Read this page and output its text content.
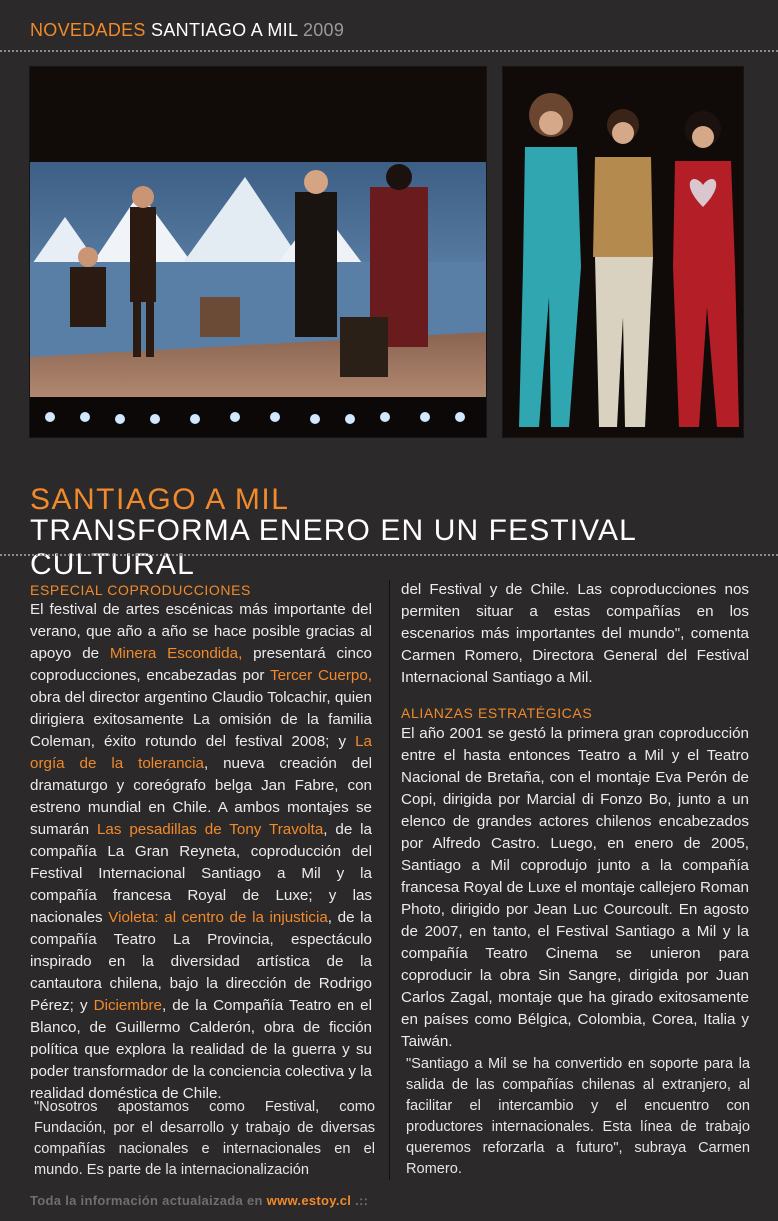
NOVEDADES SANTIAGO A MIL 2009
SANTIAGO A MIL
TRANSFORMA ENERO EN UN FESTIVAL CULTURAL
ESPECIAL COPRODUCCIONES

El festival de artes escénicas más importante del verano, que año a año se hace posible gracias al apoyo de Minera Escondida, presentará cinco coproducciones, encabezadas por Tercer Cuerpo, obra del director argentino Claudio Tolcachir, quien dirigiera exitosamente La omisión de la familia Coleman, éxito rotundo del festival 2008; y La orgía de la tolerancia, nueva creación del dramaturgo y coreógrafo belga Jan Fabre, con estreno mundial en Chile. A ambos montajes se sumarán Las pesadillas de Tony Travolta, de la compañía La Gran Reyneta, coproducción del Festival Internacional Santiago a Mil y la compañía francesa Royal de Luxe; y las nacionales Violeta: al centro de la injusticia, de la compañía Teatro La Provincia, espectáculo inspirado en la diversidad artística de la cantautora chilena, bajo la dirección de Rodrigo Pérez; y Diciembre, de la Compañía Teatro en el Blanco, de Guillermo Calderón, obra de ficción política que explora la realidad de la guerra y su poder transformador de la conciencia colectiva y la realidad doméstica de Chile.

"Nosotros apostamos como Festival, como Fundación, por el desarrollo y trabajo de diversas compañías nacionales e internacionales en el mundo. Es parte de la internacionalización
del Festival y de Chile. Las coproducciones nos permiten situar a estas compañías en los escenarios más importantes del mundo", comenta Carmen Romero, Directora General del Festival Internacional Santiago a Mil.
ALIANZAS ESTRATÉGICAS
El año 2001 se gestó la primera gran coproducción entre el hasta entonces Teatro a Mil y el Teatro Nacional de Bretaña, con el montaje Eva Perón de Copi, dirigida por Marcial di Fonzo Bo, junto a un elenco de grandes actores chilenos encabezados por Alfredo Castro. Luego, en enero de 2005, Santiago a Mil coprodujo junto a la compañía francesa Royal de Luxe el montaje callejero Roman Photo, dirigido por Jean Luc Courcoult. En agosto de 2007, en tanto, el Festival Santiago a Mil y la compañía Teatro Cinema se unieron para coproducir la obra Sin Sangre, dirigida por Juan Carlos Zagal, montaje que ha girado exitosamente en países como Bélgica, Colombia, Corea, Italia y Taiwán.
"Santiago a Mil se ha convertido en soporte para la salida de las compañías chilenas al extranjero, al facilitar el intercambio y el encuentro con productores internacionales. Esta línea de trabajo queremos reforzarla a futuro", subraya Carmen Romero.
Toda la información actualaizada en www.estoy.cl .::
